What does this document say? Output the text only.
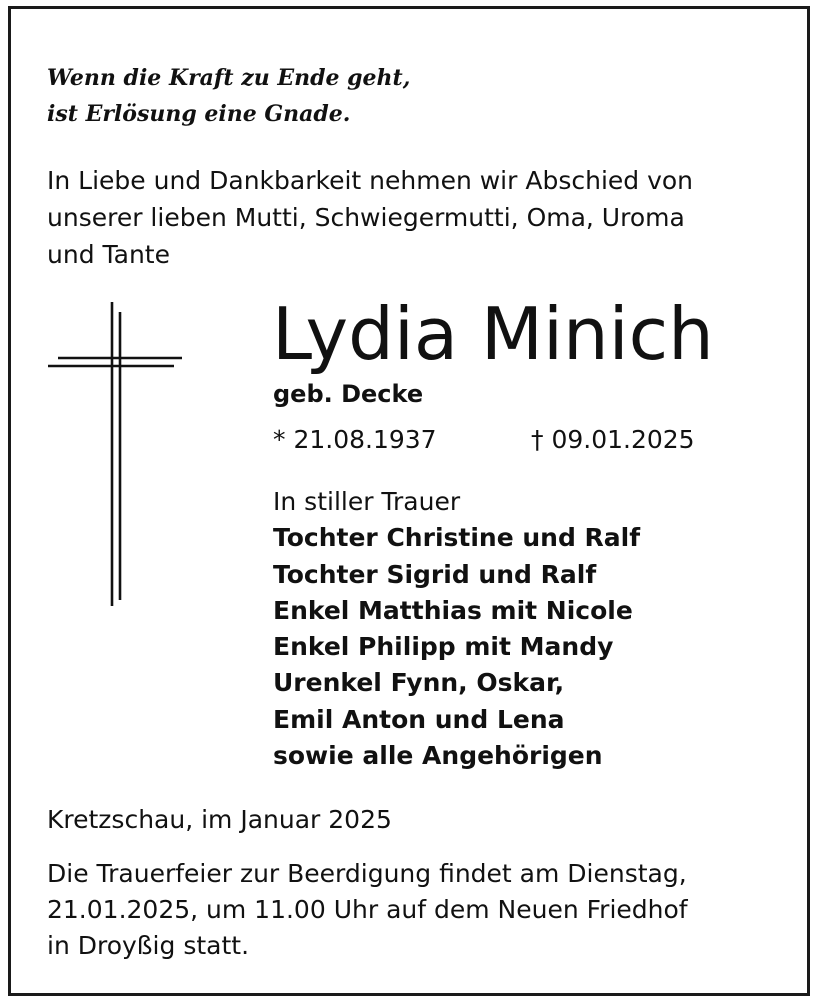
Wenn die Kraft zu Ende geht,
ist Erlösung eine Gnade.
In Liebe und Dankbarkeit nehmen wir Abschied von
unserer lieben Mutti, Schwiegermutti, Oma, Uroma
und Tante
Lydia Minich
geb. Decke
* 21.08.1937	† 09.01.2025
In stiller Trauer
Tochter Christine und Ralf
Tochter Sigrid und Ralf
Enkel Matthias mit Nicole
Enkel Philipp mit Mandy
Urenkel Fynn, Oskar,
Emil Anton und Lena
sowie alle Angehörigen
Kretzschau, im Januar 2025
Die Trauerfeier zur Beerdigung findet am Dienstag,
21.01.2025, um 11.00 Uhr auf dem Neuen Friedhof
in Droyßig statt.
